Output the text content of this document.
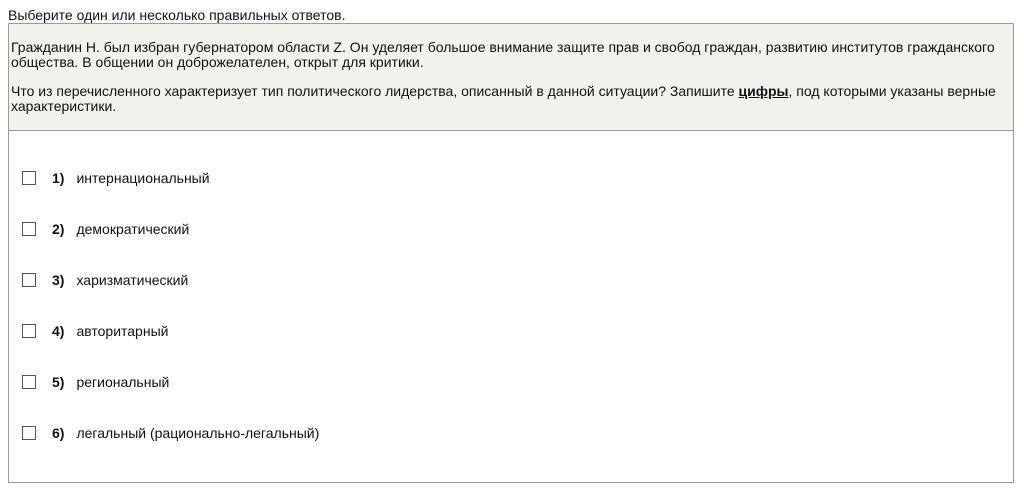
Выберите один или несколько правильных ответов.

Гражданин Н. был избран губернатором области Z. Он уделяет большое внимание защите прав и свобод граждан, развитию институтов гражданского общества. В общении он доброжелателен, открыт для критики.

Что из перечисленного характеризует тип политического лидерства, описанный в данной ситуации? Запишите цифры, под которыми указаны верные характеристики.

1) интернациональный
2) демократический
3) харизматический
4) авторитарный
5) региональный
6) легальный (рационально-легальный)
